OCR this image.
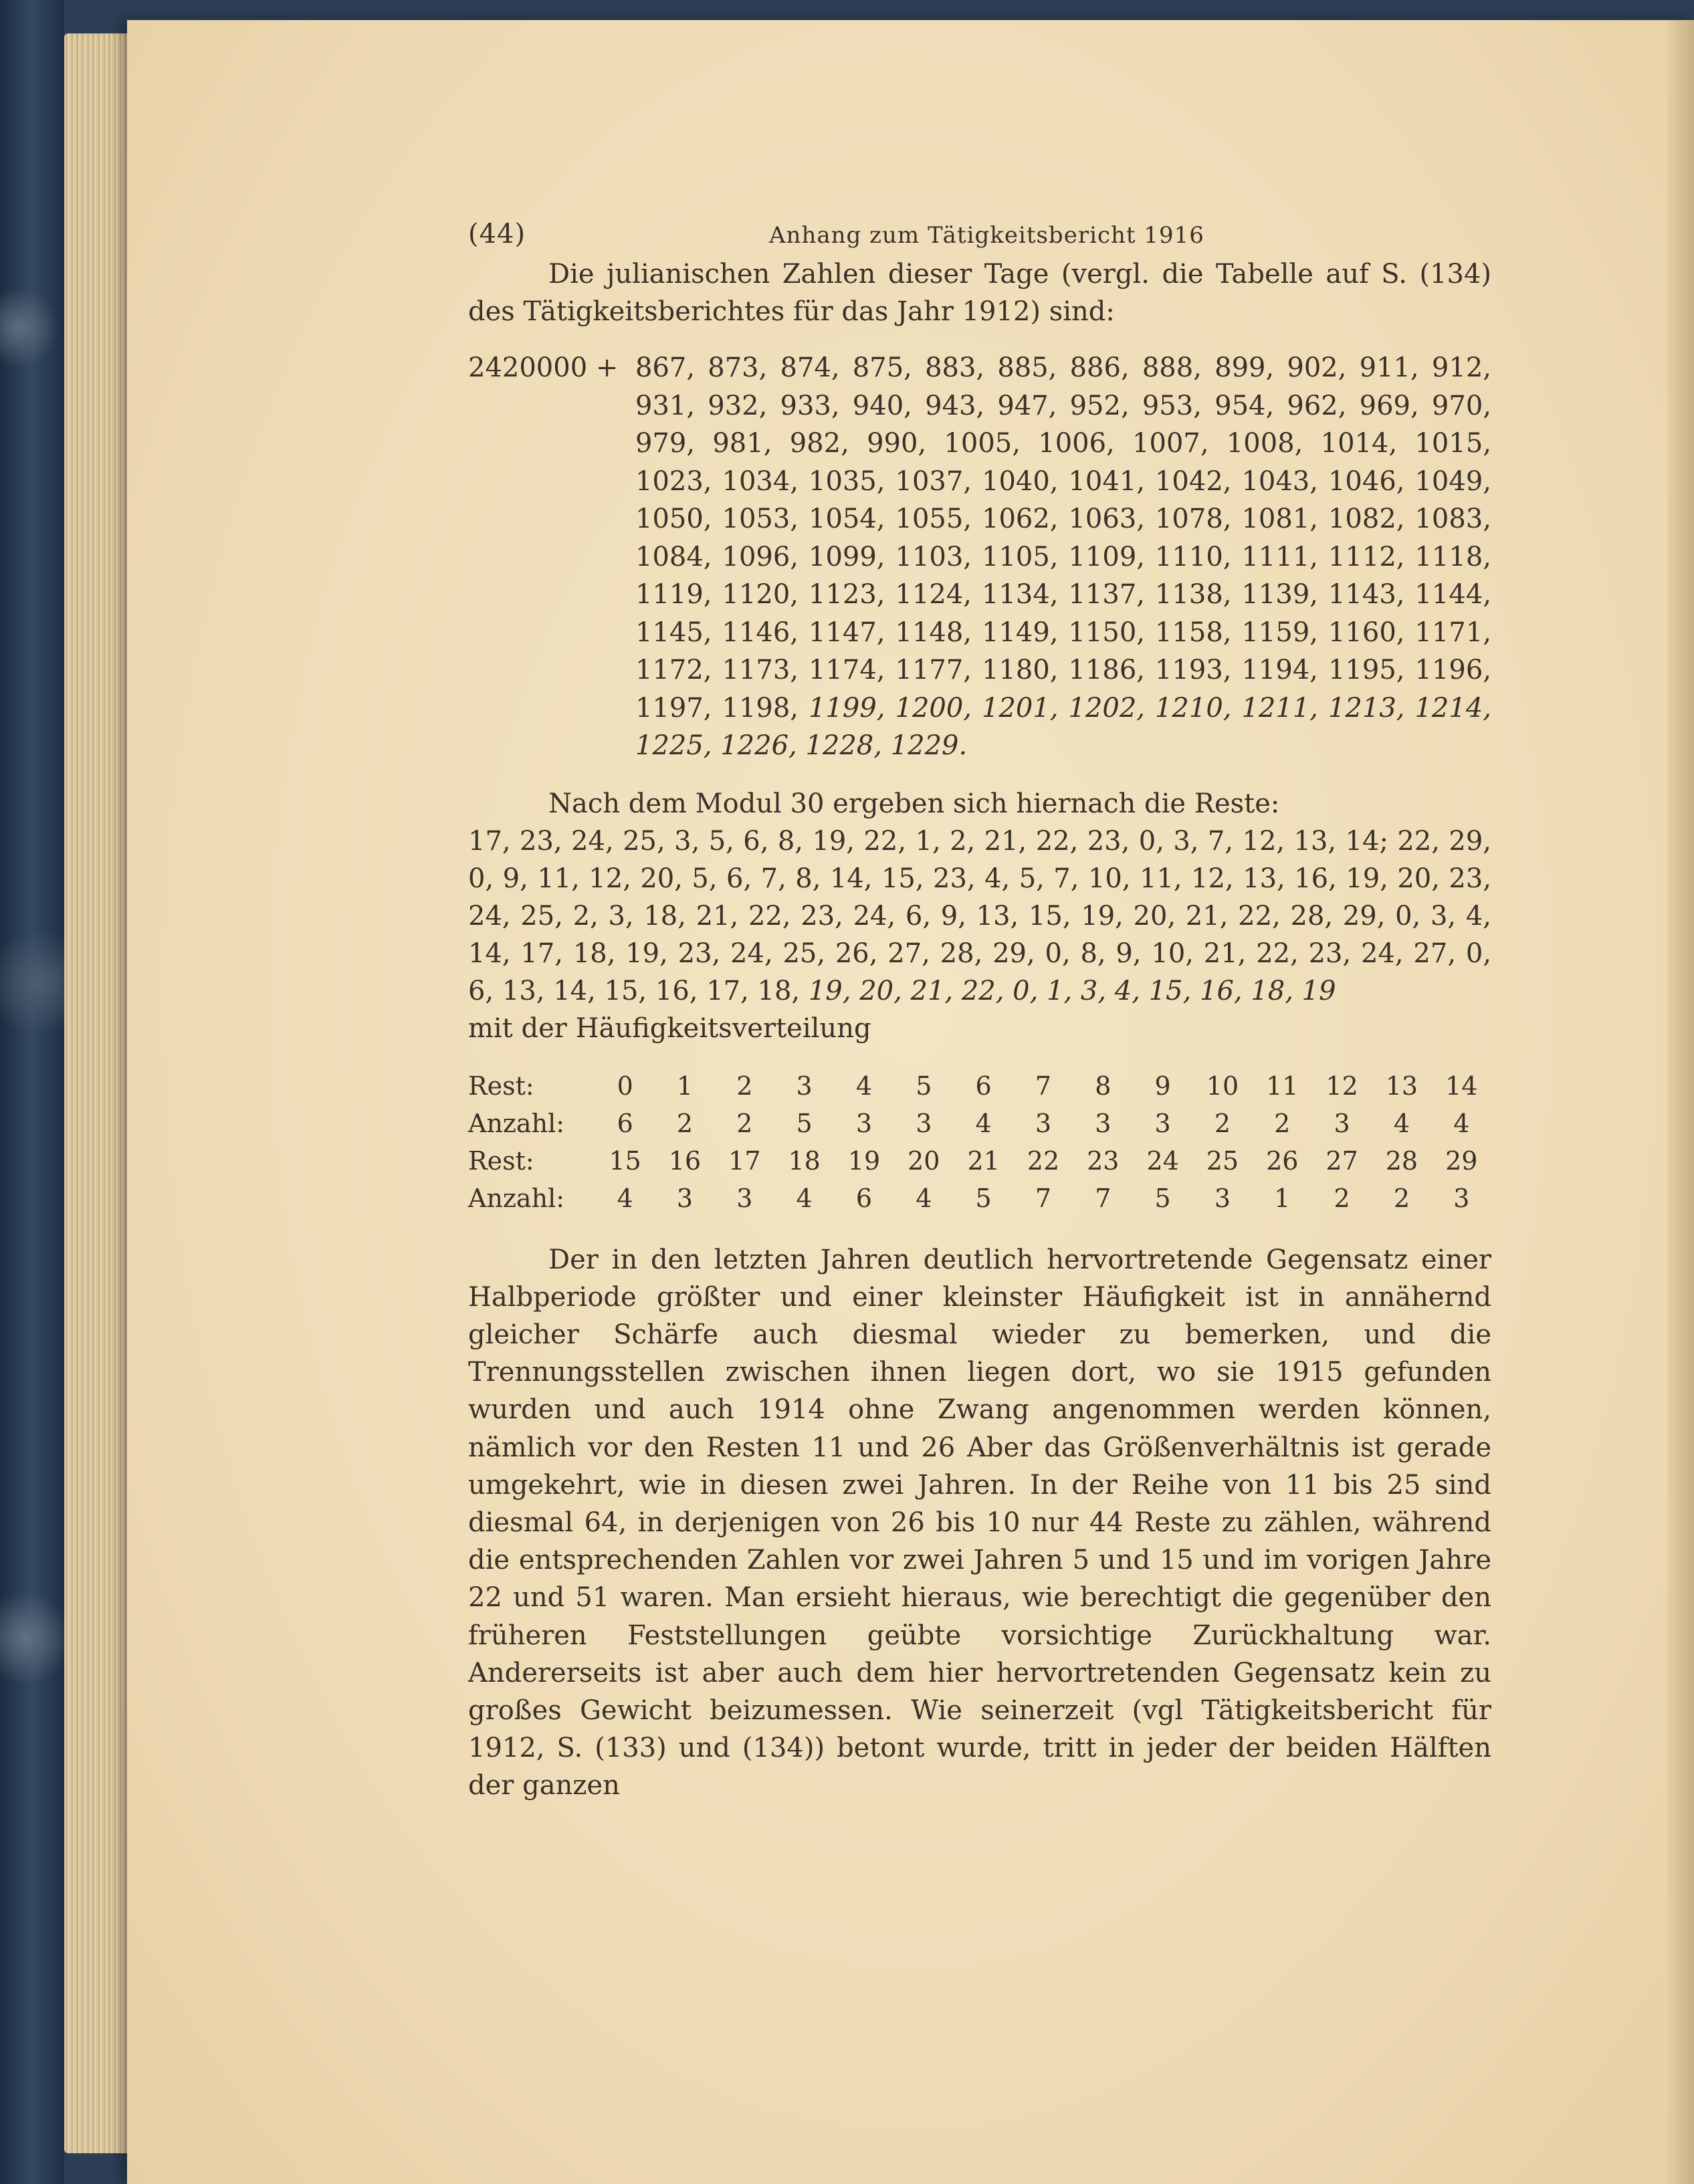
(44)	Anhang zum Tätigkeitsbericht 1916

Die julianischen Zahlen dieser Tage (vergl. die Tabelle auf S. (134) des Tätigkeitsberichtes für das Jahr 1912) sind:

2420000 + 867, 873, 874, 875, 883, 885, 886, 888, 899, 902, 911, 912, 931, 932, 933, 940, 943, 947, 952, 953, 954, 962, 969, 970, 979, 981, 982, 990, 1005, 1006, 1007, 1008, 1014, 1015, 1023, 1034, 1035, 1037, 1040, 1041, 1042, 1043, 1046, 1049, 1050, 1053, 1054, 1055, 1062, 1063, 1078, 1081, 1082, 1083, 1084, 1096, 1099, 1103, 1105, 1109, 1110, 1111, 1112, 1118, 1119, 1120, 1123, 1124, 1134, 1137, 1138, 1139, 1143, 1144, 1145, 1146, 1147, 1148, 1149, 1150, 1158, 1159, 1160, 1171, 1172, 1173, 1174, 1177, 1180, 1186, 1193, 1194, 1195, 1196, 1197, 1198, 1199, 1200, 1201, 1202, 1210, 1211, 1213, 1214, 1225, 1226, 1228, 1229.

Nach dem Modul 30 ergeben sich hiernach die Reste:

17, 23, 24, 25, 3, 5, 6, 8, 19, 22, 1, 2, 21, 22, 23, 0, 3, 7, 12, 13, 14; 22, 29, 0, 9, 11, 12, 20, 5, 6, 7, 8, 14, 15, 23, 4, 5, 7, 10, 11, 12, 13, 16, 19, 20, 23, 24, 25, 2, 3, 18, 21, 22, 23, 24, 6, 9, 13, 15, 19, 20, 21, 22, 28, 29, 0, 3, 4, 14, 17, 18, 19, 23, 24, 25, 26, 27, 28, 29, 0, 8, 9, 10, 21, 22, 23, 24, 27, 0, 6, 13, 14, 15, 16, 17, 18, 19, 20, 21, 22, 0, 1, 3, 4, 15, 16, 18, 19

mit der Häufigkeitsverteilung

Rest:	0	1	2	3	4	5	6	7	8	9	10	11	12	13	14
Anzahl:	6	2	2	5	3	3	4	3	3	3	2	2	3	4	4
Rest:	15	16	17	18	19	20	21	22	23	24	25	26	27	28	29
Anzahl:	4	3	3	4	6	4	5	7	7	5	3	1	2	2	3

Der in den letzten Jahren deutlich hervortretende Gegensatz einer Halbperiode größter und einer kleinster Häufigkeit ist in annähernd gleicher Schärfe auch diesmal wieder zu bemerken, und die Trennungsstellen zwischen ihnen liegen dort, wo sie 1915 gefunden wurden und auch 1914 ohne Zwang angenommen werden können, nämlich vor den Resten 11 und 26 Aber das Größenverhältnis ist gerade umgekehrt, wie in diesen zwei Jahren. In der Reihe von 11 bis 25 sind diesmal 64, in derjenigen von 26 bis 10 nur 44 Reste zu zählen, während die entsprechenden Zahlen vor zwei Jahren 5 und 15 und im vorigen Jahre 22 und 51 waren. Man ersieht hieraus, wie berechtigt die gegenüber den früheren Feststellungen geübte vorsichtige Zurückhaltung war. Andererseits ist aber auch dem hier hervortretenden Gegensatz kein zu großes Gewicht beizumessen. Wie seinerzeit (vgl Tätigkeitsbericht für 1912, S. (133) und (134)) betont wurde, tritt in jeder der beiden Hälften der ganzen
